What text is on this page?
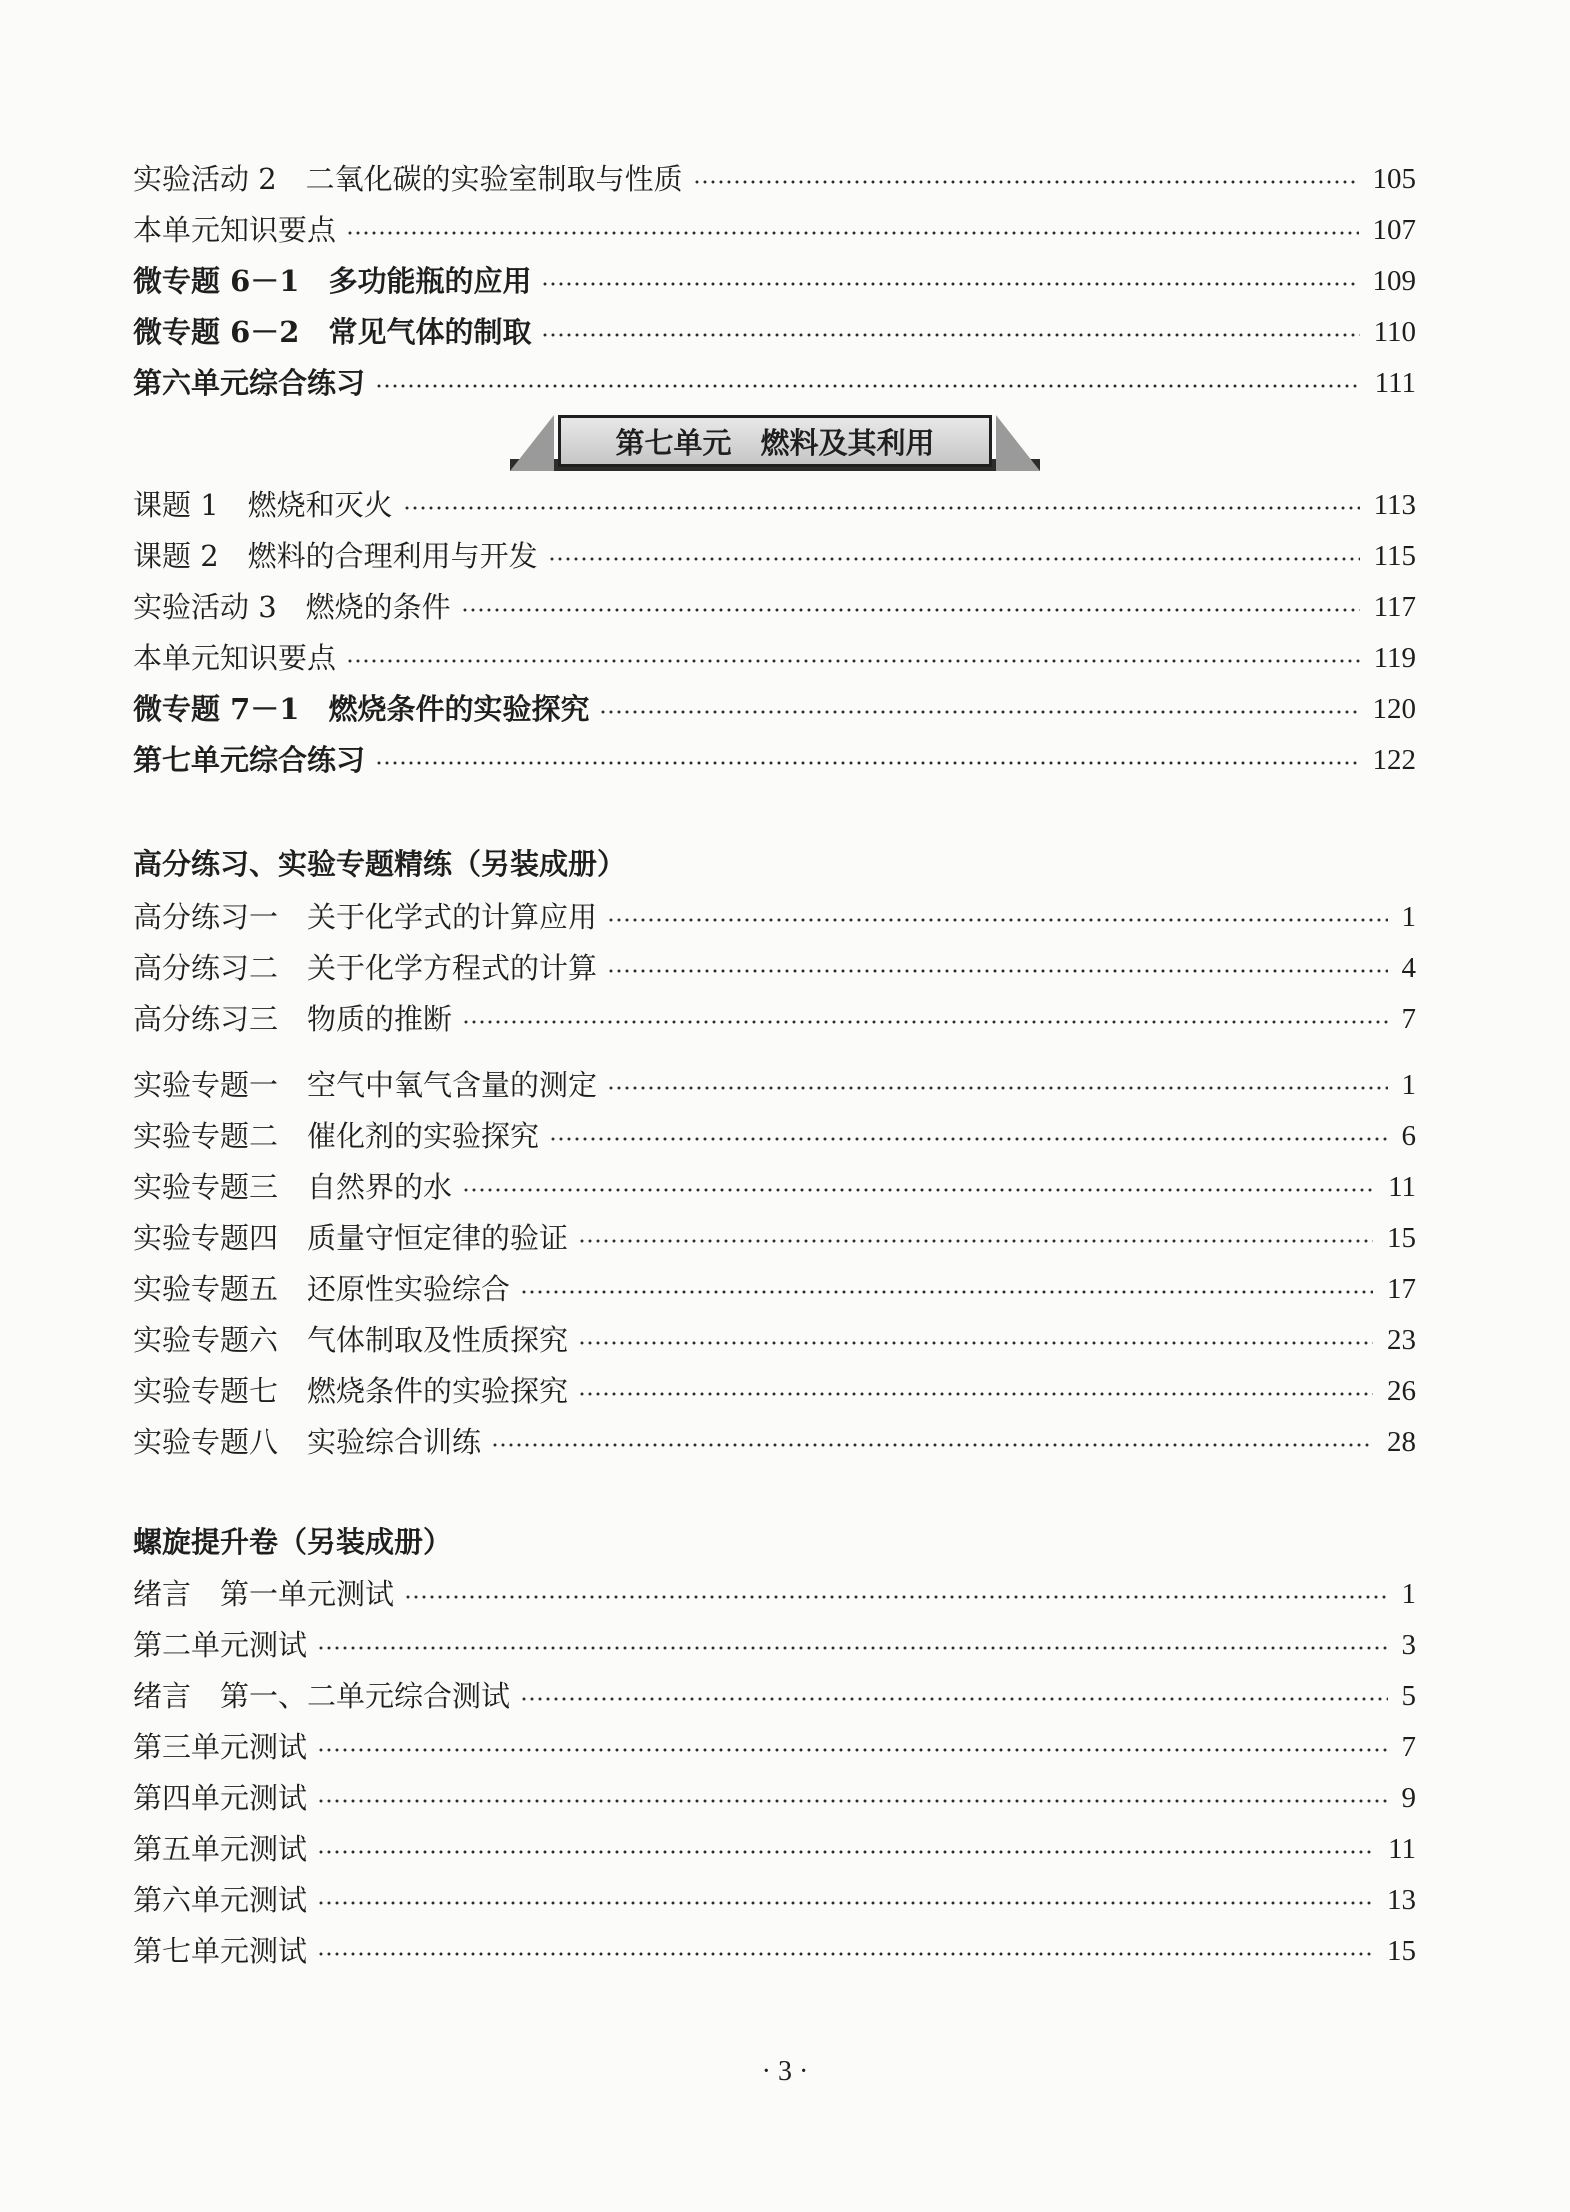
实验活动 2　二氧化碳的实验室制取与性质	105
本单元知识要点	107
微专题 6－1　多功能瓶的应用	109
微专题 6－2　常见气体的制取	110
第六单元综合练习	111
第七单元　燃料及其利用
课题 1　燃烧和灭火	113
课题 2　燃料的合理利用与开发	115
实验活动 3　燃烧的条件	117
本单元知识要点	119
微专题 7－1　燃烧条件的实验探究	120
第七单元综合练习	122
高分练习、实验专题精练（另装成册）
高分练习一　关于化学式的计算应用	1
高分练习二　关于化学方程式的计算	4
高分练习三　物质的推断	7
实验专题一　空气中氧气含量的测定	1
实验专题二　催化剂的实验探究	6
实验专题三　自然界的水	11
实验专题四　质量守恒定律的验证	15
实验专题五　还原性实验综合	17
实验专题六　气体制取及性质探究	23
实验专题七　燃烧条件的实验探究	26
实验专题八　实验综合训练	28
螺旋提升卷（另装成册）
绪言　第一单元测试	1
第二单元测试	3
绪言　第一、二单元综合测试	5
第三单元测试	7
第四单元测试	9
第五单元测试	11
第六单元测试	13
第七单元测试	15
· 3 ·
